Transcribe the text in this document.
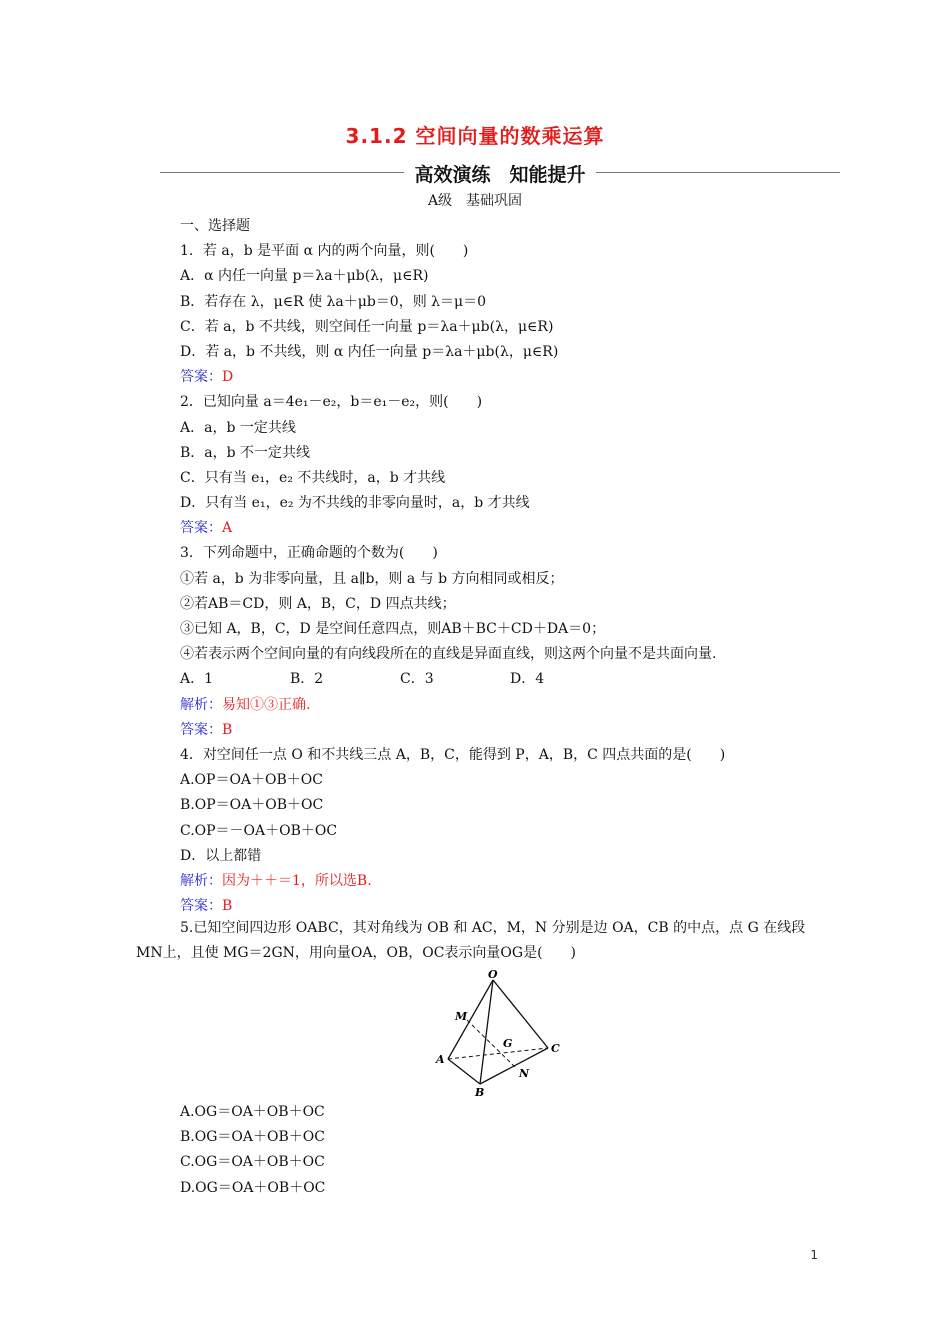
3.1.2 空间向量的数乘运算
高效演练　知能提升
A级　基础巩固
一、选择题
1．若 a，b 是平面 α 内的两个向量，则(　　)
A．α 内任一向量 p＝λa＋μb(λ，μ∈R)
B．若存在 λ，μ∈R 使 λa＋μb＝0，则 λ＝μ＝0
C．若 a，b 不共线，则空间任一向量 p＝λa＋μb(λ，μ∈R)
D．若 a，b 不共线，则 α 内任一向量 p＝λa＋μb(λ，μ∈R)
答案：D
2．已知向量 a＝4e₁－e₂，b＝e₁－e₂，则(　　)
A．a，b 一定共线
B．a，b 不一定共线
C．只有当 e₁，e₂ 不共线时，a，b 才共线
D．只有当 e₁，e₂ 为不共线的非零向量时，a，b 才共线
答案：A
3．下列命题中，正确命题的个数为(　　)
①若 a，b 为非零向量，且 a∥b，则 a 与 b 方向相同或相反；
②若AB＝CD，则 A，B，C，D 四点共线；
③已知 A，B，C，D 是空间任意四点，则AB＋BC＋CD＋DA＝0；
④若表示两个空间向量的有向线段所在的直线是异面直线，则这两个向量不是共面向量.
A．1	B．2	C．3	D．4
解析：易知①③正确.
答案：B
4．对空间任一点 O 和不共线三点 A，B，C，能得到 P，A，B，C 四点共面的是(　　)
A.OP＝OA＋OB＋OC
B.OP＝OA＋OB＋OC
C.OP＝－OA＋OB＋OC
D．以上都错
解析：因为＋＋＝1，所以选B.
答案：B
5.已知空间四边形 OABC，其对角线为 OB 和 AC，M，N 分别是边 OA，CB 的中点，点 G 在线段
MN上，且使 MG＝2GN，用向量OA，OB，OC表示向量OG是(　　)
O
M
G
A
C
N
B
A.OG＝OA＋OB＋OC
B.OG＝OA＋OB＋OC
C.OG＝OA＋OB＋OC
D.OG＝OA＋OB＋OC
1
